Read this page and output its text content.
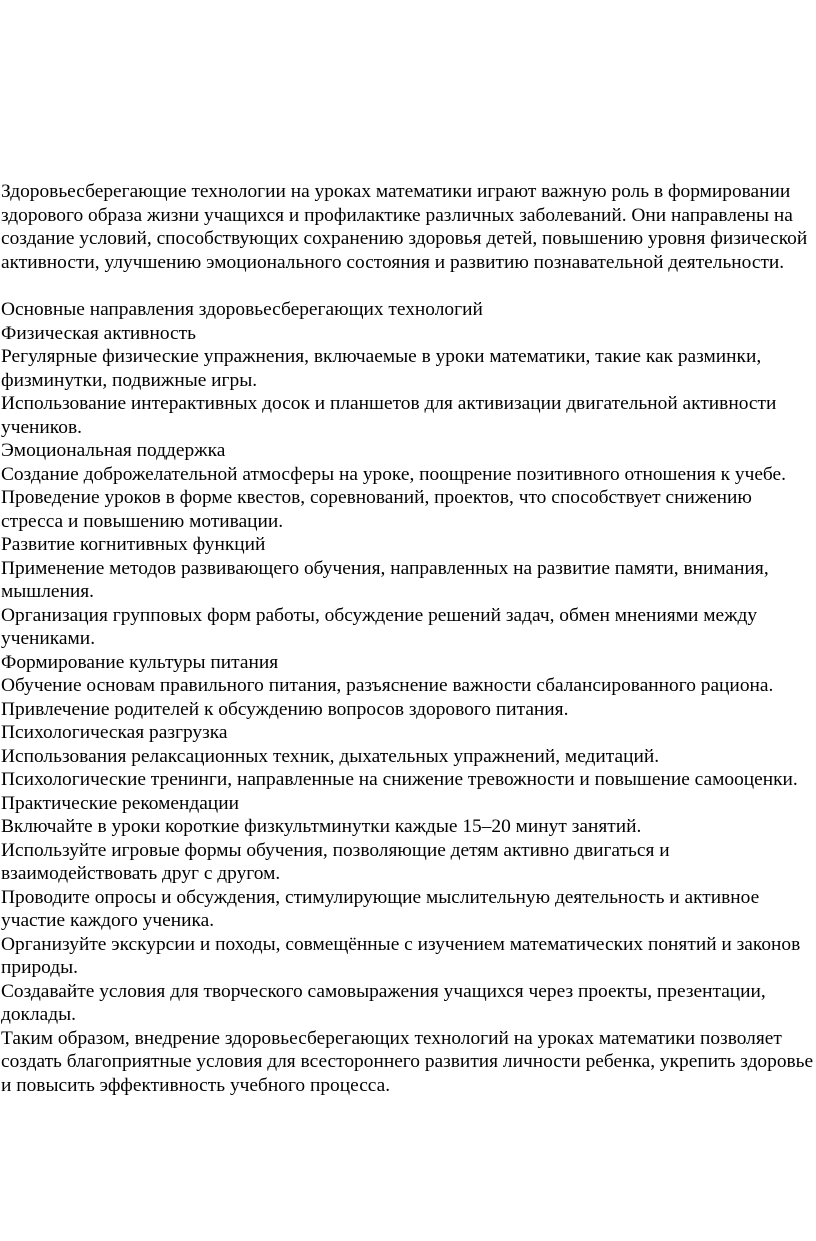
Здоровьесберегающие технологии на уроках математики играют важную роль в формировании здорового образа жизни учащихся и профилактике различных заболеваний. Они направлены на создание условий, способствующих сохранению здоровья детей, повышению уровня физической активности, улучшению эмоционального состояния и развитию познавательной деятельности.

Основные направления здоровьесберегающих технологий

Физическая активность

Регулярные физические упражнения, включаемые в уроки математики, такие как разминки, физминутки, подвижные игры.

Использование интерактивных досок и планшетов для активизации двигательной активности учеников.

Эмоциональная поддержка

Создание доброжелательной атмосферы на уроке, поощрение позитивного отношения к учебе.

Проведение уроков в форме квестов, соревнований, проектов, что способствует снижению стресса и повышению мотивации.

Развитие когнитивных функций

Применение методов развивающего обучения, направленных на развитие памяти, внимания, мышления.

Организация групповых форм работы, обсуждение решений задач, обмен мнениями между учениками.

Формирование культуры питания

Обучение основам правильного питания, разъяснение важности сбалансированного рациона.

Привлечение родителей к обсуждению вопросов здорового питания.

Психологическая разгрузка

Использования релаксационных техник, дыхательных упражнений, медитаций.

Психологические тренинги, направленные на снижение тревожности и повышение самооценки.

Практические рекомендации

Включайте в уроки короткие физкультминутки каждые 15–20 минут занятий.

Используйте игровые формы обучения, позволяющие детям активно двигаться и взаимодействовать друг с другом.

Проводите опросы и обсуждения, стимулирующие мыслительную деятельность и активное участие каждого ученика.

Организуйте экскурсии и походы, совмещённые с изучением математических понятий и законов природы.

Создавайте условия для творческого самовыражения учащихся через проекты, презентации, доклады.

Таким образом, внедрение здоровьесберегающих технологий на уроках математики позволяет создать благоприятные условия для всестороннего развития личности ребенка, укрепить здоровье и повысить эффективность учебного процесса.
